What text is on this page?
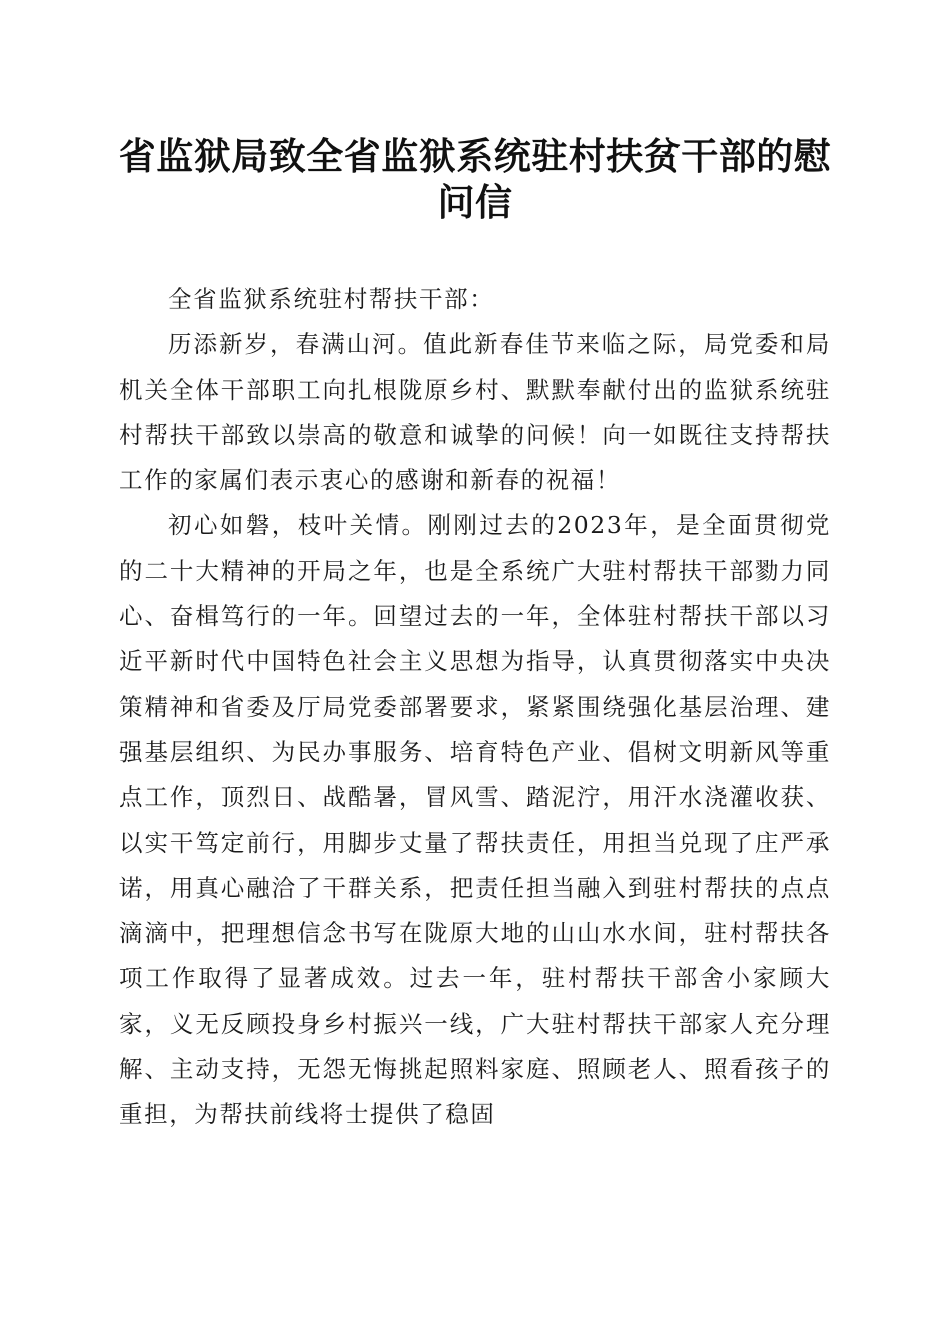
省监狱局致全省监狱系统驻村扶贫干部的慰问信

全省监狱系统驻村帮扶干部：

历添新岁，春满山河。值此新春佳节来临之际，局党委和局机关全体干部职工向扎根陇原乡村、默默奉献付出的监狱系统驻村帮扶干部致以崇高的敬意和诚挚的问候！向一如既往支持帮扶工作的家属们表示衷心的感谢和新春的祝福！

初心如磐，枝叶关情。刚刚过去的2023年，是全面贯彻党的二十大精神的开局之年，也是全系统广大驻村帮扶干部勠力同心、奋楫笃行的一年。回望过去的一年，全体驻村帮扶干部以习近平新时代中国特色社会主义思想为指导，认真贯彻落实中央决策精神和省委及厅局党委部署要求，紧紧围绕强化基层治理、建强基层组织、为民办事服务、培育特色产业、倡树文明新风等重点工作，顶烈日、战酷暑，冒风雪、踏泥泞，用汗水浇灌收获、以实干笃定前行，用脚步丈量了帮扶责任，用担当兑现了庄严承诺，用真心融洽了干群关系，把责任担当融入到驻村帮扶的点点滴滴中，把理想信念书写在陇原大地的山山水水间，驻村帮扶各项工作取得了显著成效。过去一年，驻村帮扶干部舍小家顾大家，义无反顾投身乡村振兴一线，广大驻村帮扶干部家人充分理解、主动支持，无怨无悔挑起照料家庭、照顾老人、照看孩子的重担，为帮扶前线将士提供了稳固
